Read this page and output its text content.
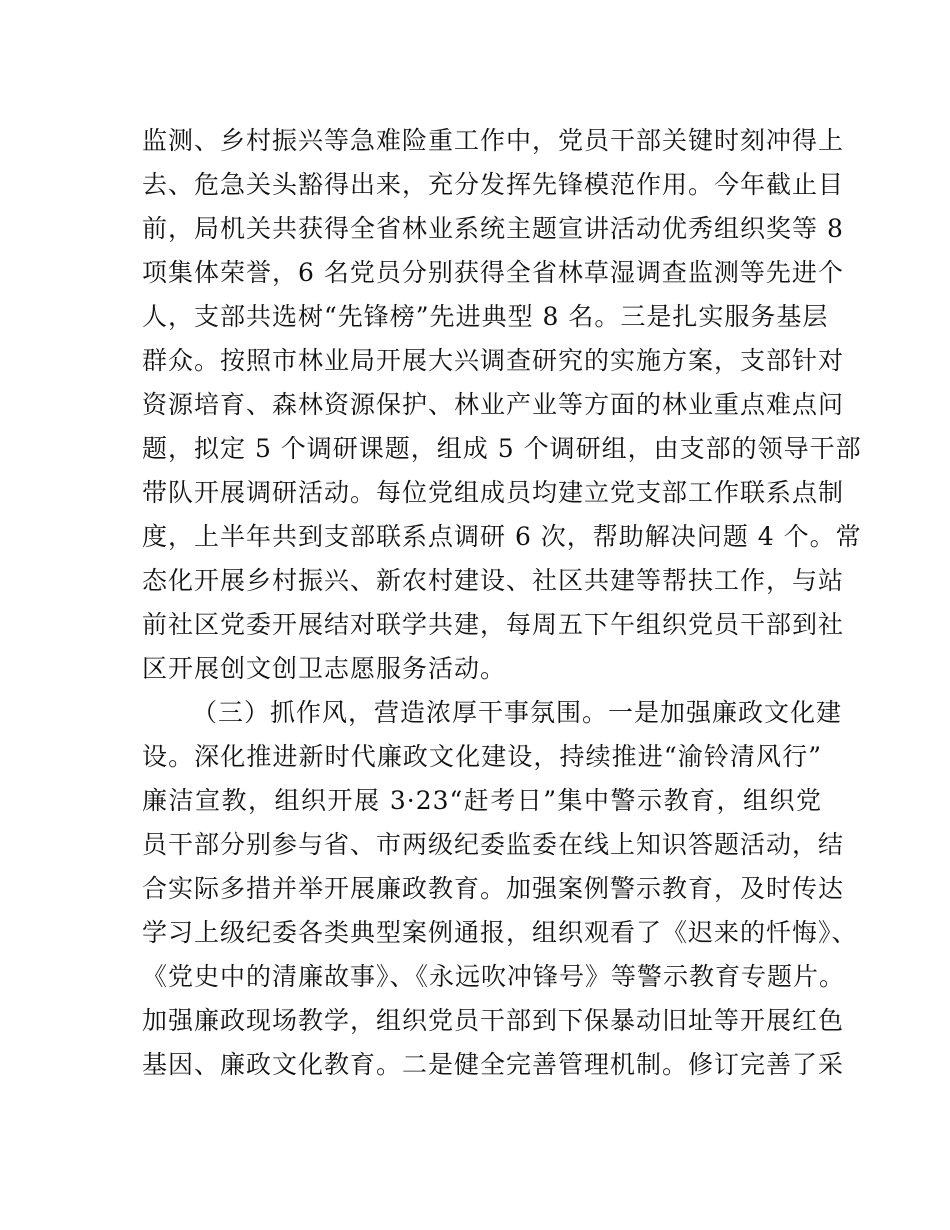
监测、乡村振兴等急难险重工作中，党员干部关键时刻冲得上
去、危急关头豁得出来，充分发挥先锋模范作用。今年截止目
前，局机关共获得全省林业系统主题宣讲活动优秀组织奖等 8
项集体荣誉，6 名党员分别获得全省林草湿调查监测等先进个
人，支部共选树“先锋榜”先进典型 8 名。三是扎实服务基层
群众。按照市林业局开展大兴调查研究的实施方案，支部针对
资源培育、森林资源保护、林业产业等方面的林业重点难点问
题，拟定 5 个调研课题，组成 5 个调研组，由支部的领导干部
带队开展调研活动。每位党组成员均建立党支部工作联系点制
度，上半年共到支部联系点调研 6 次，帮助解决问题 4 个。常
态化开展乡村振兴、新农村建设、社区共建等帮扶工作，与站
前社区党委开展结对联学共建，每周五下午组织党员干部到社
区开展创文创卫志愿服务活动。
（三）抓作风，营造浓厚干事氛围。一是加强廉政文化建
设。深化推进新时代廉政文化建设，持续推进“渝铃清风行”
廉洁宣教，组织开展 3·23“赶考日”集中警示教育，组织党
员干部分别参与省、市两级纪委监委在线上知识答题活动，结
合实际多措并举开展廉政教育。加强案例警示教育，及时传达
学习上级纪委各类典型案例通报，组织观看了《迟来的忏悔》、
《党史中的清廉故事》、《永远吹冲锋号》等警示教育专题片。
加强廉政现场教学，组织党员干部到下保暴动旧址等开展红色
基因、廉政文化教育。二是健全完善管理机制。修订完善了采
